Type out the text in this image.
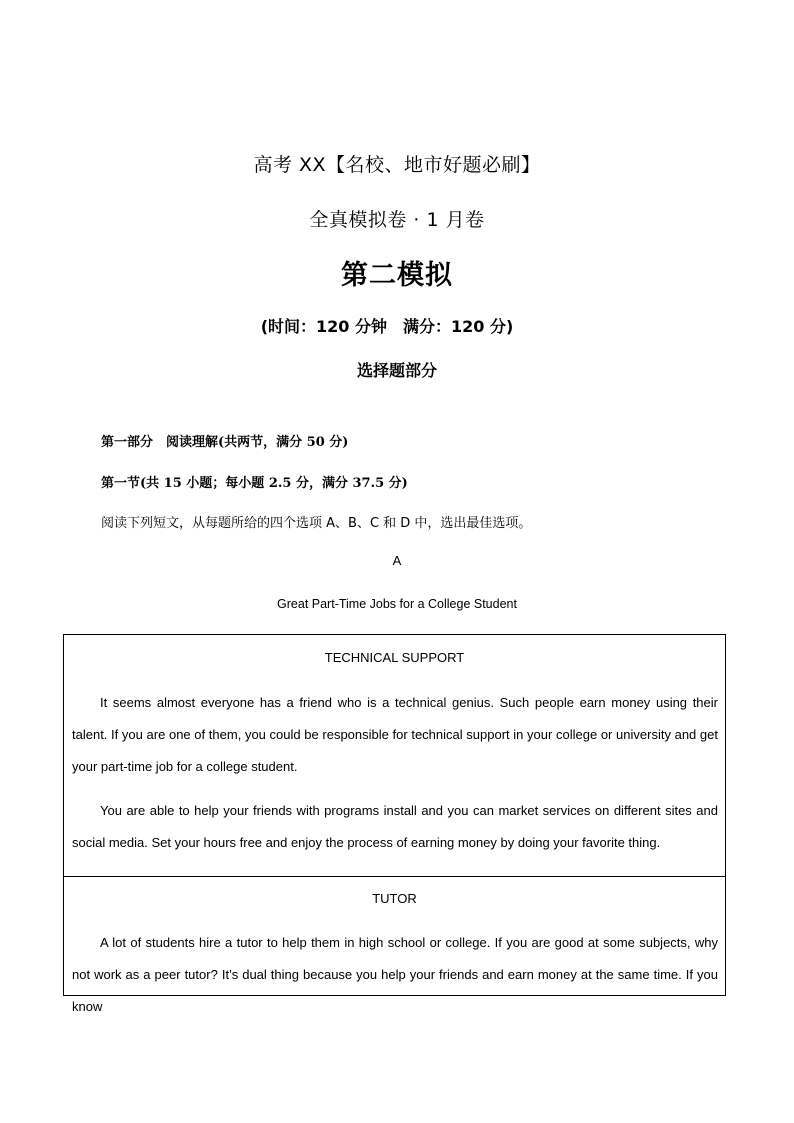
高考 XX【名校、地市好题必刷】
全真模拟卷 · 1 月卷
第二模拟
(时间：120 分钟　满分：120 分)
选择题部分
第一部分　阅读理解(共两节，满分 50 分)
第一节(共 15 小题；每小题 2.5 分，满分 37.5 分)
阅读下列短文，从每题所给的四个选项 A、B、C 和 D 中，选出最佳选项。
A
Great Part-Time Jobs for a College Student
TECHNICAL SUPPORT

It seems almost everyone has a friend who is a technical genius. Such people earn money using their talent. If you are one of them, you could be responsible for technical support in your college or university and get your part-time job for a college student.

You are able to help your friends with programs install and you can market services on different sites and social media. Set your hours free and enjoy the process of earning money by doing your favorite thing.

TUTOR

A lot of students hire a tutor to help them in high school or college. If you are good at some subjects, why not work as a peer tutor? It’s dual thing because you help your friends and earn money at the same time. If you know
